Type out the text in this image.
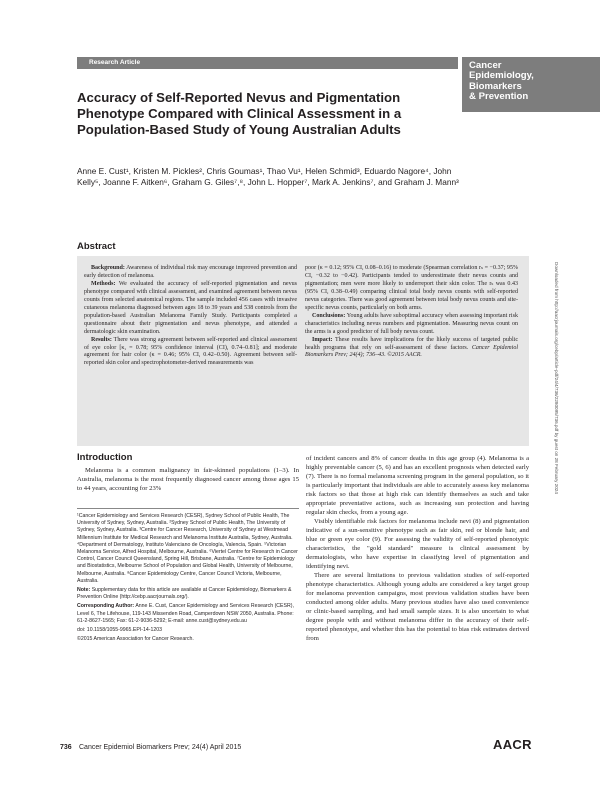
Research Article	Cancer
Epidemiology,
Biomarkers
& Prevention
Accuracy of Self-Reported Nevus and Pigmentation Phenotype Compared with Clinical Assessment in a Population-Based Study of Young Australian Adults
Anne E. Cust¹, Kristen M. Pickles², Chris Goumas¹, Thao Vu¹, Helen Schmid³, Eduardo Nagore⁴, John Kelly⁵, Joanne F. Aitken⁶, Graham G. Giles⁷,⁸, John L. Hopper⁷, Mark A. Jenkins⁷, and Graham J. Mann³
Abstract

Background: Awareness of individual risk may encourage improved prevention and early detection of melanoma.

Methods: We evaluated the accuracy of self-reported pigmentation and nevus phenotype compared with clinical assessment, and examined agreement between nevus counts from selected anatomical regions. The sample included 456 cases with invasive cutaneous melanoma diagnosed between ages 18 to 39 years and 538 controls from the population-based Australian Melanoma Family Study. Participants completed a questionnaire about their pigmentation and nevus phenotype, and attended a dermatologic skin examination.

Results: There was strong agreement between self-reported and clinical assessment of eye color [κ, = 0.78; 95% confidence interval (CI), 0.74–0.81]; and moderate agreement for hair color (κ = 0.46; 95% CI, 0.42–0.50). Agreement between self-reported skin color and spectrophotometer-derived measurements was

poor (κ = 0.12; 95% CI, 0.08–0.16) to moderate (Spearman correlation rₛ = −0.37; 95% CI, −0.32 to −0.42). Participants tended to underestimate their nevus counts and pigmentation; men were more likely to underreport their skin color. The rₛ was 0.43 (95% CI, 0.38–0.49) comparing clinical total body nevus counts with self-reported nevus categories. There was good agreement between total body nevus counts and site-specific nevus counts, particularly on both arms.

Conclusions: Young adults have suboptimal accuracy when assessing important risk characteristics including nevus numbers and pigmentation. Measuring nevus count on the arms is a good predictor of full body nevus count.

Impact: These results have implications for the likely success of targeted public health programs that rely on self-assessment of these factors. Cancer Epidemiol Biomarkers Prev; 24(4); 736–43. ©2015 AACR.	Downloaded from http://aacrjournals.org/cebp/article-pdf/24/4/736/2280095/736.pdf by guest on 28 February 2024
Introduction

Melanoma is a common malignancy in fair-skinned populations (1–3). In Australia, melanoma is the most frequently diagnosed cancer among those ages 15 to 44 years, accounting for 23%

¹Cancer Epidemiology and Services Research (CESR), Sydney School of Public Health, The University of Sydney, Sydney, Australia. ²Sydney School of Public Health, The University of Sydney, Sydney, Australia. ³Centre for Cancer Research, University of Sydney at Westmead Millennium Institute for Medical Research and Melanoma Institute Australia, Sydney, Australia. ⁴Department of Dermatology, Instituto Valenciano de Oncología, Valencia, Spain. ⁵Victorian Melanoma Service, Alfred Hospital, Melbourne, Australia. ⁶Viertel Centre for Research in Cancer Control, Cancer Council Queensland, Spring Hill, Brisbane, Australia. ⁷Centre for Epidemiology and Biostatistics, Melbourne School of Population and Global Health, University of Melbourne, Melbourne, Australia. ⁸Cancer Epidemiology Centre, Cancer Council Victoria, Melbourne, Australia.

Note: Supplementary data for this article are available at Cancer Epidemiology, Biomarkers & Prevention Online (http://cebp.aacrjournals.org/).

Corresponding Author: Anne E. Cust, Cancer Epidemiology and Services Research (CESR), Level 6, The Lifehouse, 119-143 Missenden Road, Camperdown NSW 2050, Australia. Phone: 61-2-8627-1565; Fax: 61-2-9036-5292; E-mail: anne.cust@sydney.edu.au

doi: 10.1158/1055-9965.EPI-14-1203

©2015 American Association for Cancer Research.

of incident cancers and 8% of cancer deaths in this age group (4). Melanoma is a highly preventable cancer (5, 6) and has an excellent prognosis when detected early (7). There is no formal melanoma screening program in the general population, so it is particularly important that individuals are able to accurately assess key melanoma risk factors so that those at high risk can identify themselves as such and take appropriate preventative actions, such as increasing sun protection and having regular skin checks, from a young age.

Visibly identifiable risk factors for melanoma include nevi (8) and pigmentation indicative of a sun-sensitive phenotype such as fair skin, red or blonde hair, and blue or green eye color (9). For assessing the validity of self-reported phenotypic characteristics, the "gold standard" measure is clinical assessment by dermatologists, who have expertise in classifying level of pigmentation and identifying nevi.

There are several limitations to previous validation studies of self-reported phenotype characteristics. Although young adults are considered a key target group for melanoma prevention campaigns, most previous validation studies have been conducted among older adults. Many previous studies have also used convenience or clinic-based sampling, and had small sample sizes. It is also uncertain to what degree people with and without melanoma differ in the accuracy of their self-reported phenotype, and whether this has the potential to bias risk estimates derived from

736 Cancer Epidemiol Biomarkers Prev; 24(4) April 2015	AACR
